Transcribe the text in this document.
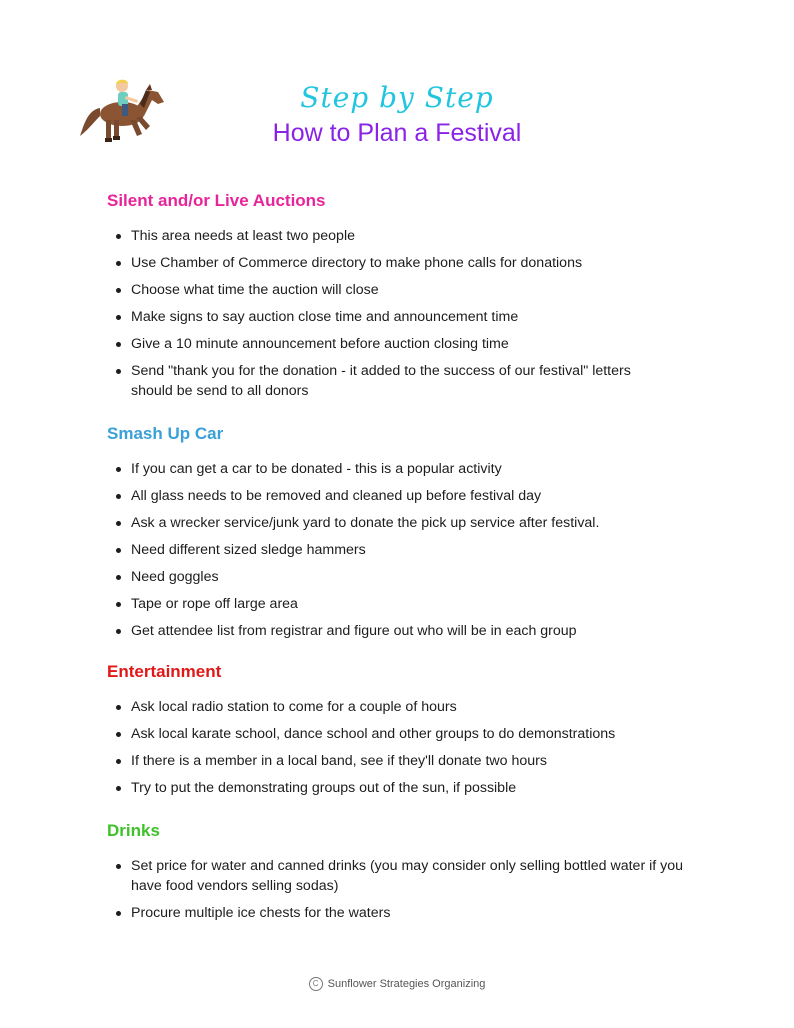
Step by Step
How to Plan a Festival
Silent and/or Live Auctions
This area needs at least two people
Use Chamber of Commerce directory to make phone calls for donations
Choose what time the auction will close
Make signs to say auction close time and announcement time
Give a 10 minute announcement before auction closing time
Send "thank you for the donation - it added to the success of our festival" letters should be send to all donors
Smash Up Car
If you can get a car to be donated - this is a popular activity
All glass needs to be removed and cleaned up before festival day
Ask a wrecker service/junk yard to donate the pick up service after festival.
Need different sized sledge hammers
Need goggles
Tape or rope off large area
Get attendee list from registrar and figure out who will be in each group
Entertainment
Ask local radio station to come for a couple of hours
Ask local karate school, dance school and other groups to do demonstrations
If there is a member in a local band, see if they'll donate two hours
Try to put the demonstrating groups out of the sun, if possible
Drinks
Set price for water and canned drinks (you may consider only selling bottled water if you have food vendors selling sodas)
Procure multiple ice chests for the waters
C Sunflower Strategies Organizing
